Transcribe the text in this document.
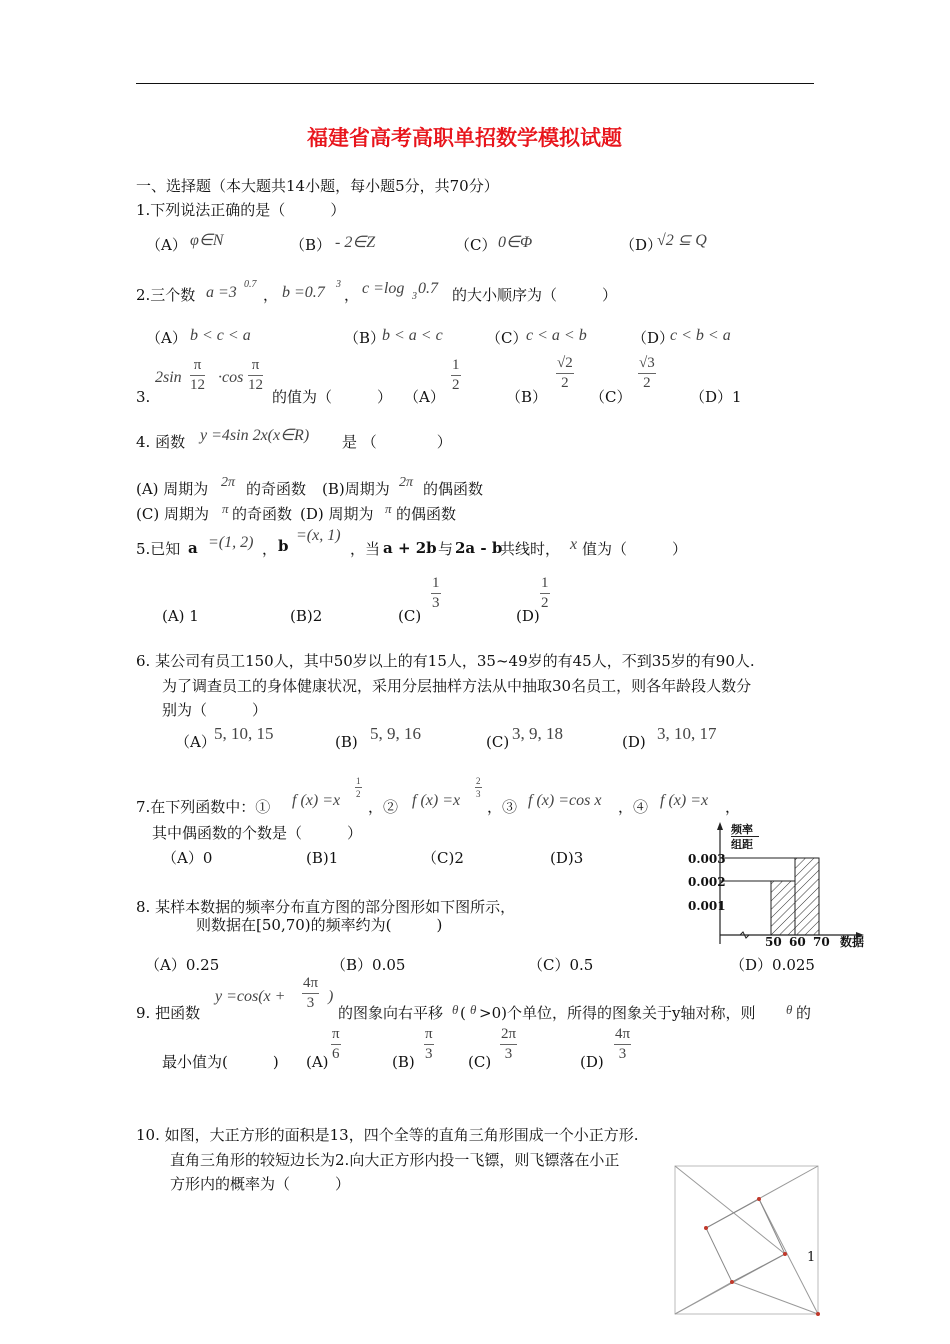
福建省高考高职单招数学模拟试题
一、选择题（本大题共14小题，每小题5分，共70分）
1.下列说法正确的是（　　　）
（A） φ∈N	（B） - 2∈Z	（C） 0∈Φ	（D）
√2 ⊆ Q
2.三个数 a =3 0.7
， b =0.7 3
， c =log 3 0.7 的大小顺序为（　　　）
（A） b < c < a	（B）
b < a < c	（C）
c < a < b	（D）
c < b < a
$2\sin \frac{\pi}{12} \cdot\cos \frac{\pi}{12}$
3.	的值为（　　　） （A）
$\frac{1}{2}$
（B）
$\frac{√2}{2}$
（C）
$\frac{√3}{2}$
（D）1
4. 函数 y =4sin 2x(x∈R) 是 （　　　　）
(A) 周期为 2π 的奇函数 (B)周期为 2π 的偶函数
(C) 周期为 π 的奇函数 (D) 周期为 π 的偶函数
5.已知 a =(1, 2) ， b
=(x, 1)
，当 a + 2b 与 2a - b
共线时， x 值为（　　　）
(A) 1	(B)2	(C)
$\frac{1}{3}$
(D)
$\frac{1}{2}$
6. 某公司有员工150人，其中50岁以上的有15人，35~49岁的有45人，不到35岁的有90人.
为了调查员工的身体健康状况，采用分层抽样方法从中抽取30名员工，则各年龄段人数分
别为（　　　）
（A）
5, 10, 15	(B) 5, 9, 16	(C) 3, 9, 18	(D) 3, 10, 17
7.在下列函数中：① f (x) =x
$\frac{1}{2}$
，② f (x) =x
$\frac{2}{3}$
，③ f (x) =cos x ，④ f (x) =x ，
其中偶函数的个数是（　　　）
（A）0	(B)1	（C)2	(D)3
频率
组距
0.003
0.002
0.001
50 60 70 数据
8. 某样本数据的频率分布直方图的部分图形如下图所示，
则数据在[50,70)的频率约为(　　　)
（A）0.25	（B）0.05	（C）0.5	（D）0.025
9. 把函数
$y =\cos(x + \frac{4\pi}{3}$ )
的图象向右平移 θ ( θ >0)个单位，所得的图象关于y轴对称，则 θ 的
最小值为(　　　) $(A) \frac{\pi}{6}$	$(B) \frac{\pi}{3} (C) \frac{2\pi}{3}$	$(D) \frac{4\pi}{3}$
10. 如图，大正方形的面积是13，四个全等的直角三角形围成一个小正方形.
直角三角形的较短边长为2.向大正方形内投一飞镖，则飞镖落在小正
方形内的概率为（　　　）
1
